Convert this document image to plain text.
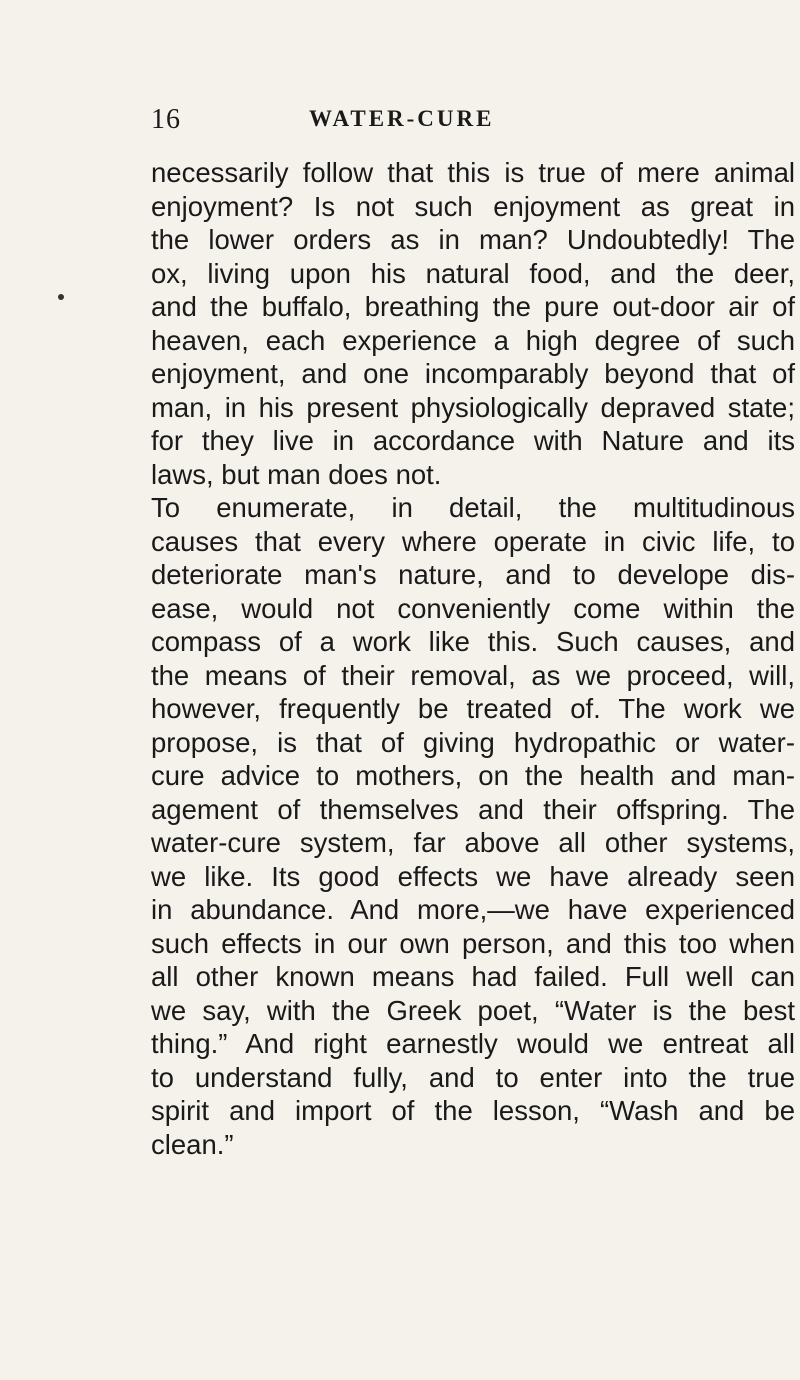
16	WATER-CURE
necessarily follow that this is true of mere animal
enjoyment? Is not such enjoyment as great in
the lower orders as in man? Undoubtedly! The
ox, living upon his natural food, and the deer,
and the buffalo, breathing the pure out-door air of
heaven, each experience a high degree of such
enjoyment, and one incomparably beyond that of
man, in his present physiologically depraved state;
for they live in accordance with Nature and its
laws, but man does not.
To enumerate, in detail, the multitudinous
causes that every where operate in civic life, to
deteriorate man's nature, and to develope dis-
ease, would not conveniently come within the
compass of a work like this. Such causes, and
the means of their removal, as we proceed, will,
however, frequently be treated of. The work we
propose, is that of giving hydropathic or water-
cure advice to mothers, on the health and man-
agement of themselves and their offspring. The
water-cure system, far above all other systems,
we like. Its good effects we have already seen
in abundance. And more,—we have experienced
such effects in our own person, and this too when
all other known means had failed. Full well can
we say, with the Greek poet, “Water is the best
thing.” And right earnestly would we entreat all
to understand fully, and to enter into the true
spirit and import of the lesson, “Wash and be
clean.”
